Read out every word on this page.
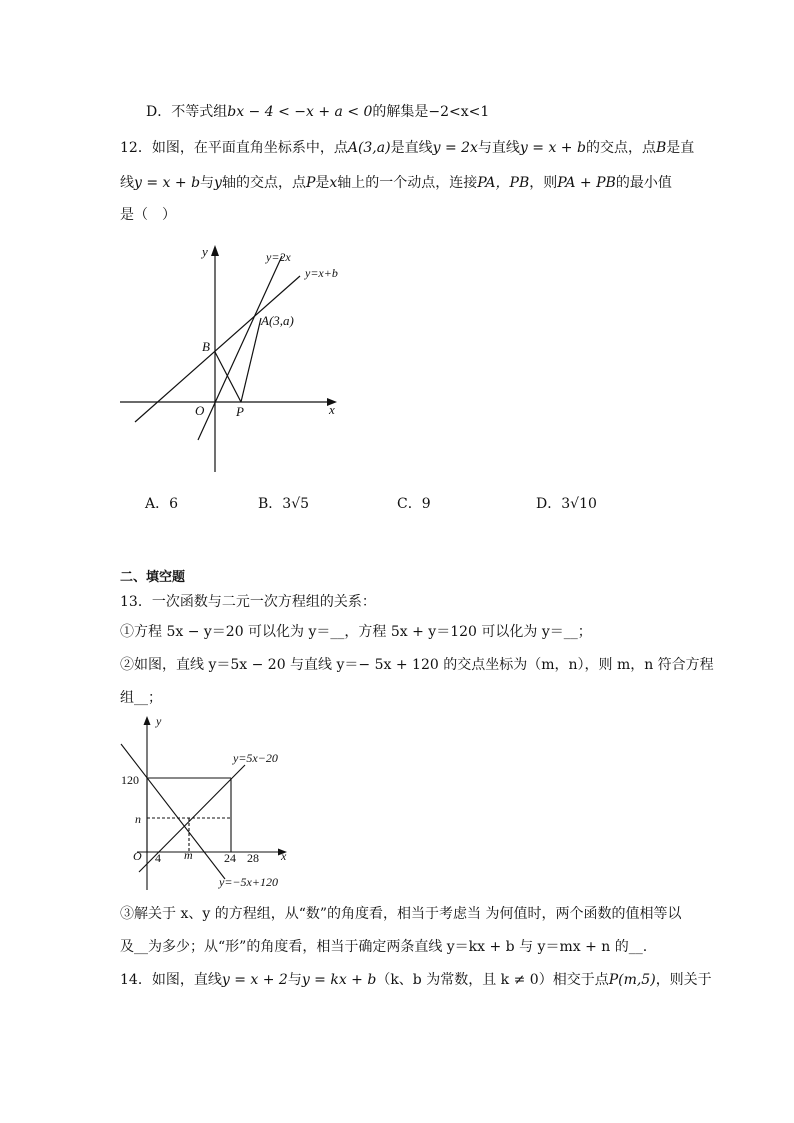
D．不等式组bx − 4 < −x + a < 0的解集是−2<x<1
12．如图，在平面直角坐标系中，点A(3,a)是直线y = 2x与直线y = x + b的交点，点B是直
线y = x + b与y轴的交点，点P是x轴上的一个动点，连接PA，PB，则PA + PB的最小值
是（　）
y
x
O
y=2x
y=x+b
A(3,a)
B
P
A．6	B．3√5	C．9	D．3√10
二、填空题
13．一次函数与二元一次方程组的关系：
①方程 5x − y＝20 可以化为 y＝__，方程 5x + y＝120 可以化为 y＝__；
②如图，直线 y＝5x − 20 与直线 y＝− 5x + 120 的交点坐标为（m，n），则 m，n 符合方程
组__；
y
x
O
120
n
4 m	24 28
y=5x−20
y=−5x+120
③解关于 x、y 的方程组，从“数”的角度看，相当于考虑当 为何值时，两个函数的值相等以
及__为多少；从“形”的角度看，相当于确定两条直线 y＝kx + b 与 y＝mx + n 的__.
14．如图，直线y = x + 2与y = kx + b（k、b 为常数，且 k ≠ 0）相交于点P(m,5)，则关于
